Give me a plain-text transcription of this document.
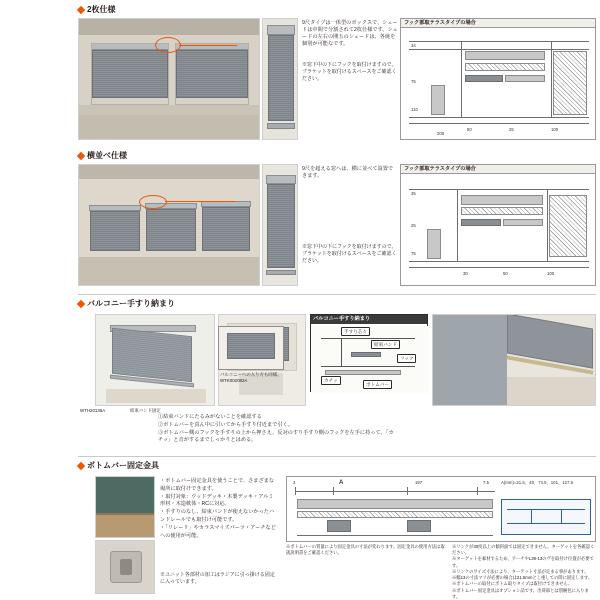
2枚仕様
9尺タイプは一体型のボックスで、シェードは中間で分割されて2枚仕様です。シェードの左右の開五のシェードは、各焼を個別が可能なです。
※窓下中の下にフックを取付けますので、ブラケットを取付けるスペースをご確認ください。
フック部取テラスタイプの場合
34
75
110
50	25	100
200
横並べ仕様
9尺を超える窓へは、横に並べて設置できます。
※窓下中の下にフックを取付けますので、ブラケットを取付けるスペースをご確認ください。
フック部取テラスタイプの場合
35
25
75
30	50	100
バルコニー手すり納まり
バルコニー手すり納まり
手すり芯々
結束バンド
フック
カチッ
ボトムバー
バルコニーへの入り方も同様。WTK002082A
WTH20135A	結束バンド固定
①結束バンドにたるみがないことを確認する
②ボトムバーを真ん中に引いてから手すり付近まで引く。
③ボトムバー側のフックを手すりの上から押さえ、反対のすり手すり側のフックを左手に持って、「カチッ」と音がするまでしっかりとはめる。
ボトムバー固定金具
・ボトムバー固定金具を使うことで、さまざまな場所に取付けできます。
・取付対象：ウッドデッキ・木製デッキ・アルミ形材・木造軟体・RCに対応。
・手すりのなし、結束バンドが使えないかったハンドレールでも取付け可能です。
・「リレーリ」やカラスマイズパーツ・アーチなどへの使用が可能。
※ユニット各部材の加工はラジアに引っ掛ける固定に入っています。
3	A	197	7.5	A(mm)=21.5、48、74.5、101、127.5
※ボトムバーの質量により固定金具の寸法が変わります。固定金具の使用方法は取扱説明書をご確認ください。
※リンクが30度以上の傾斜面では固定できません。ターゲットを各確認ください。
※ターゲットを素材するため、アーチやL39-13のヴを取付け位置が必要です。
※リンクのサイズ寸法により、ターゲット寸法が定まる事があります。
※幅13の寸法マリが必要の場合は21.5mmとし重しての間に固定します。
※ボトムバーの取付にボトム取りタイプは取付けできません。
※ボトムバー固定金具はオプション品です。出荷部とは別梱包に入ります。
